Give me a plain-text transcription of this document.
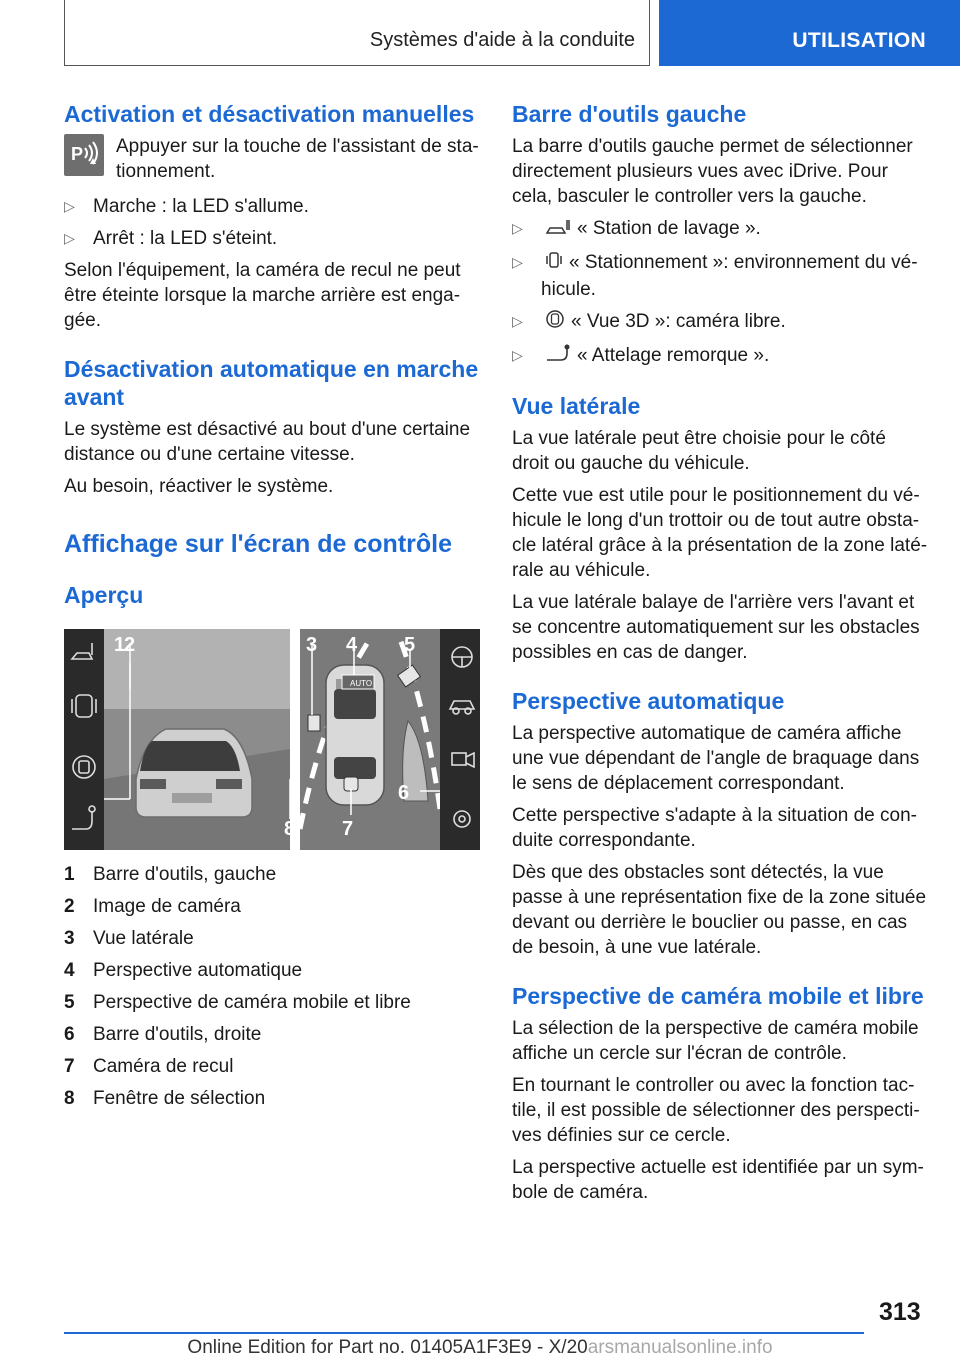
Systèmes d'aide à la conduite	UTILISATION
Activation et désactivation manuelles
P Appuyer sur la touche de l'assistant de sta-tionnement.
▷ Marche : la LED s'allume.
▷ Arrêt : la LED s'éteint.

Selon l'équipement, la caméra de recul ne peut être éteinte lorsque la marche arrière est enga-gée.

Désactivation automatique en marche avant

Le système est désactivé au bout d'une certaine distance ou d'une certaine vitesse.

Au besoin, réactiver le système.

Affichage sur l'écran de contrôle
Aperçu
AUTO
1
2	3 4 5
6
7
8
1 Barre d'outils, gauche
2 Image de caméra
3 Vue latérale
4 Perspective automatique
5 Perspective de caméra mobile et libre
6 Barre d'outils, droite
7 Caméra de recul
8 Fenêtre de sélection
Barre d'outils gauche

La barre d'outils gauche permet de sélectionner directement plusieurs vues avec iDrive. Pour cela, basculer le controller vers la gauche.

▷	« Station de lavage ».
▷ « Stationnement »: environnement du vé-hicule.
▷	« Vue 3D »: caméra libre.
▷	« Attelage remorque ».
Vue latérale

La vue latérale peut être choisie pour le côté droit ou gauche du véhicule.

Cette vue est utile pour le positionnement du vé-hicule le long d'un trottoir ou de tout autre obsta-cle latéral grâce à la présentation de la zone laté-rale au véhicule.

La vue latérale balaye de l'arrière vers l'avant et se concentre automatiquement sur les obstacles possibles en cas de danger.

Perspective automatique

La perspective automatique de caméra affiche une vue dépendant de l'angle de braquage dans le sens de déplacement correspondant.

Cette perspective s'adapte à la situation de con-duite correspondante.

Dès que des obstacles sont détectés, la vue passe à une représentation fixe de la zone située devant ou derrière le bouclier ou passe, en cas de besoin, à une vue latérale.

Perspective de caméra mobile et libre

La sélection de la perspective de caméra mobile affiche un cercle sur l'écran de contrôle.

En tournant le controller ou avec la fonction tac-tile, il est possible de sélectionner des perspecti-ves définies sur ce cercle.

La perspective actuelle est identifiée par un sym-bole de caméra.

313
Online Edition for Part no. 01405A1F3E9 - X/20arsmanualsonline.info
